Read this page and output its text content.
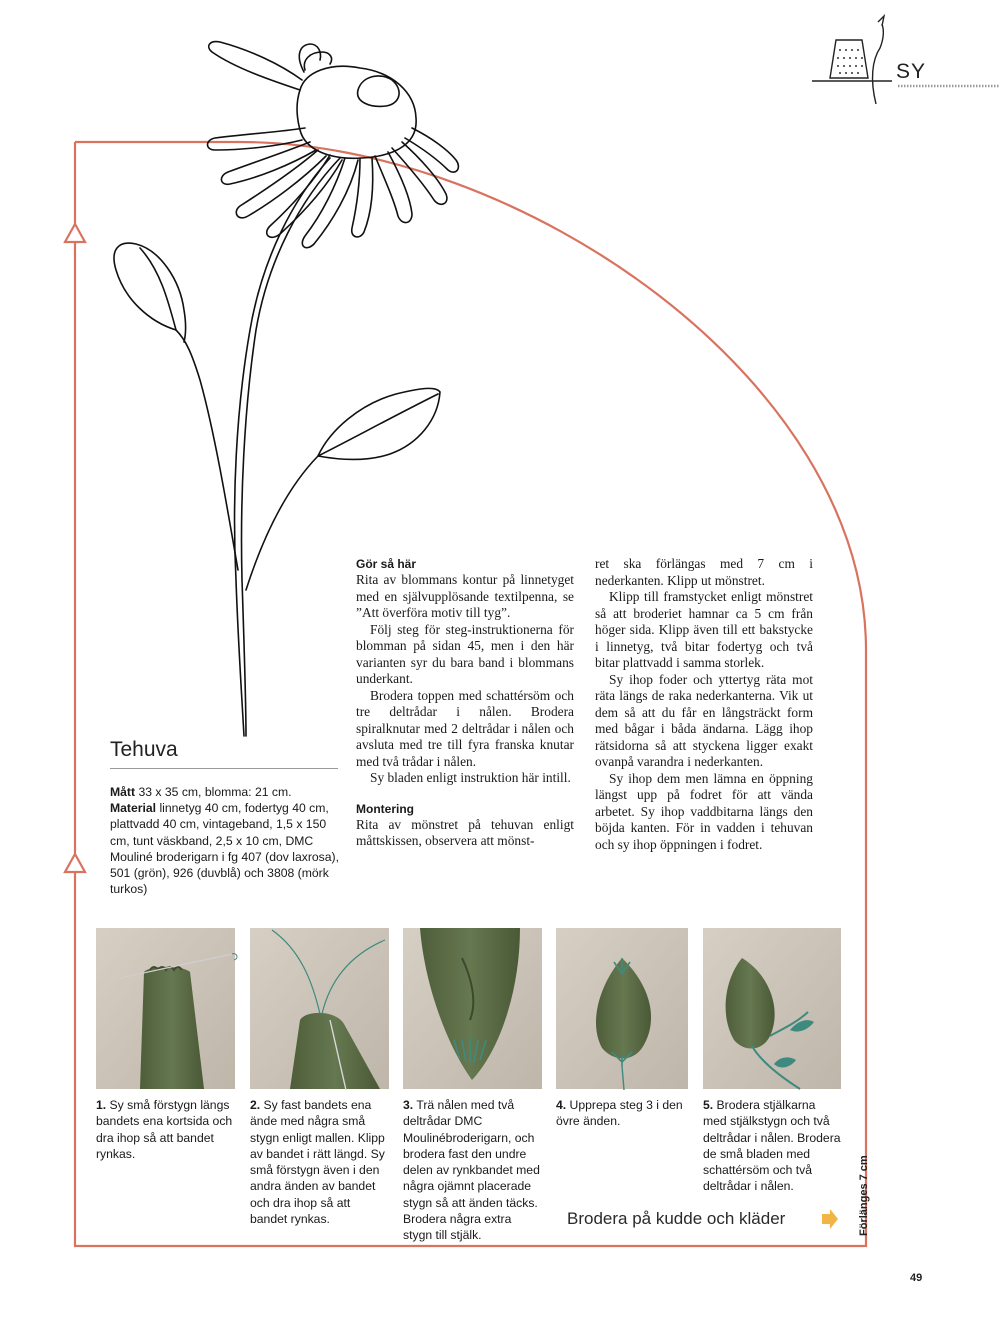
SY
Gör så här

Rita av blommans kontur på linnetyget med en självupplösande textilpenna, se ”Att överföra motiv till tyg”.

Följ steg för steg-instruktionerna för blomman på sidan 45, men i den här varianten syr du bara band i blommans underkant.

Brodera toppen med schattérsöm och tre deltrådar i nålen. Brodera spiralknutar med 2 deltrådar i nålen och avsluta med tre till fyra franska knutar med två trådar i nålen.

Sy bladen enligt instruktion här intill.

Montering

Rita av mönstret på tehuvan enligt måttskissen, observera att mönst-

ret ska förlängas med 7 cm i nederkanten. Klipp ut mönstret.

Klipp till framstycket enligt mönstret så att broderiet hamnar ca 5 cm från höger sida. Klipp även till ett bakstycke i linnetyg, två bitar fodertyg och två bitar plattvadd i samma storlek.

Sy ihop foder och yttertyg räta mot räta längs de raka nederkanterna. Vik ut dem så att du får en långsträckt form med bågar i båda ändarna. Lägg ihop rätsidorna så att styckena ligger exakt ovanpå varandra i nederkanten.

Sy ihop dem men lämna en öppning längst upp på fodret för att vända arbetet. Sy ihop vaddbitarna längs den böjda kanten. För in vadden i tehuvan och sy ihop öppningen i fodret.

Tehuva
Mått 33 x 35 cm, blomma: 21 cm.
Material linnetyg 40 cm, fodertyg 40 cm, plattvadd 40 cm, vintageband, 1,5 x 150 cm, tunt väskband, 2,5 x 10 cm, DMC Mouliné broderigarn i fg 407 (dov laxrosa), 501 (grön), 926 (duvblå) och 3808 (mörk turkos)
1. Sy små förstygn längs bandets ena kortsida och dra ihop så att bandet rynkas.
2. Sy fast bandets ena ände med några små stygn enligt mallen. Klipp av bandet i rätt längd. Sy små förstygn även i den andra änden av bandet och dra ihop så att bandet rynkas.
3. Trä nålen med två deltrådar DMC Moulinébroderigarn, och brodera fast den undre delen av rynkbandet med några ojämnt placerade stygn så att änden täcks. Brodera några extra stygn till stjälk.
4. Upprepa steg 3 i den övre änden.
5. Brodera stjälkarna med stjälkstygn och två deltrådar i nålen. Brodera de små bladen med schattérsöm och två deltrådar i nålen.
Brodera på kudde och kläder	Förlänges 7 cm
49
